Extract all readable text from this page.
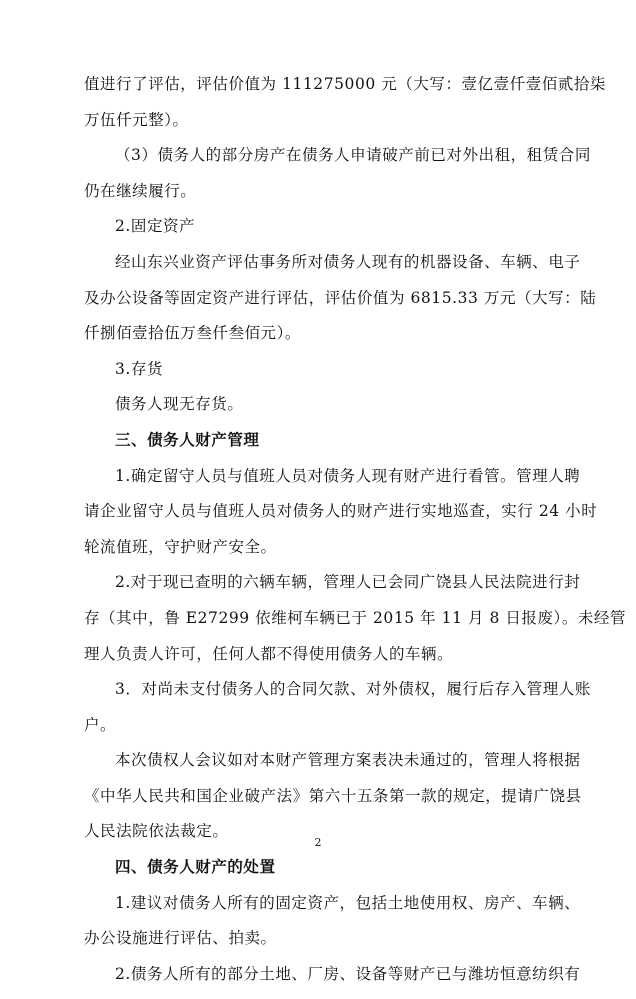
值进行了评估，评估价值为 111275000 元（大写：壹亿壹仟壹佰贰拾柒
万伍仟元整）。
（3）债务人的部分房产在债务人申请破产前已对外出租，租赁合同
仍在继续履行。
2.固定资产
经山东兴业资产评估事务所对债务人现有的机器设备、车辆、电子
及办公设备等固定资产进行评估，评估价值为 6815.33 万元（大写：陆
仟捌佰壹拾伍万叁仟叁佰元）。
3.存货
债务人现无存货。
三、债务人财产管理
1.确定留守人员与值班人员对债务人现有财产进行看管。管理人聘
请企业留守人员与值班人员对债务人的财产进行实地巡查，实行 24 小时
轮流值班，守护财产安全。
2.对于现已查明的六辆车辆，管理人已会同广饶县人民法院进行封
存（其中，鲁 E27299 依维柯车辆已于 2015 年 11 月 8 日报废）。未经管
理人负责人许可，任何人都不得使用债务人的车辆。
3．对尚未支付债务人的合同欠款、对外债权，履行后存入管理人账
户。
本次债权人会议如对本财产管理方案表决未通过的，管理人将根据
《中华人民共和国企业破产法》第六十五条第一款的规定，提请广饶县
人民法院依法裁定。
四、债务人财产的处置
1.建议对债务人所有的固定资产，包括土地使用权、房产、车辆、
办公设施进行评估、拍卖。
2.债务人所有的部分土地、厂房、设备等财产已与潍坊恒意纺织有
2
